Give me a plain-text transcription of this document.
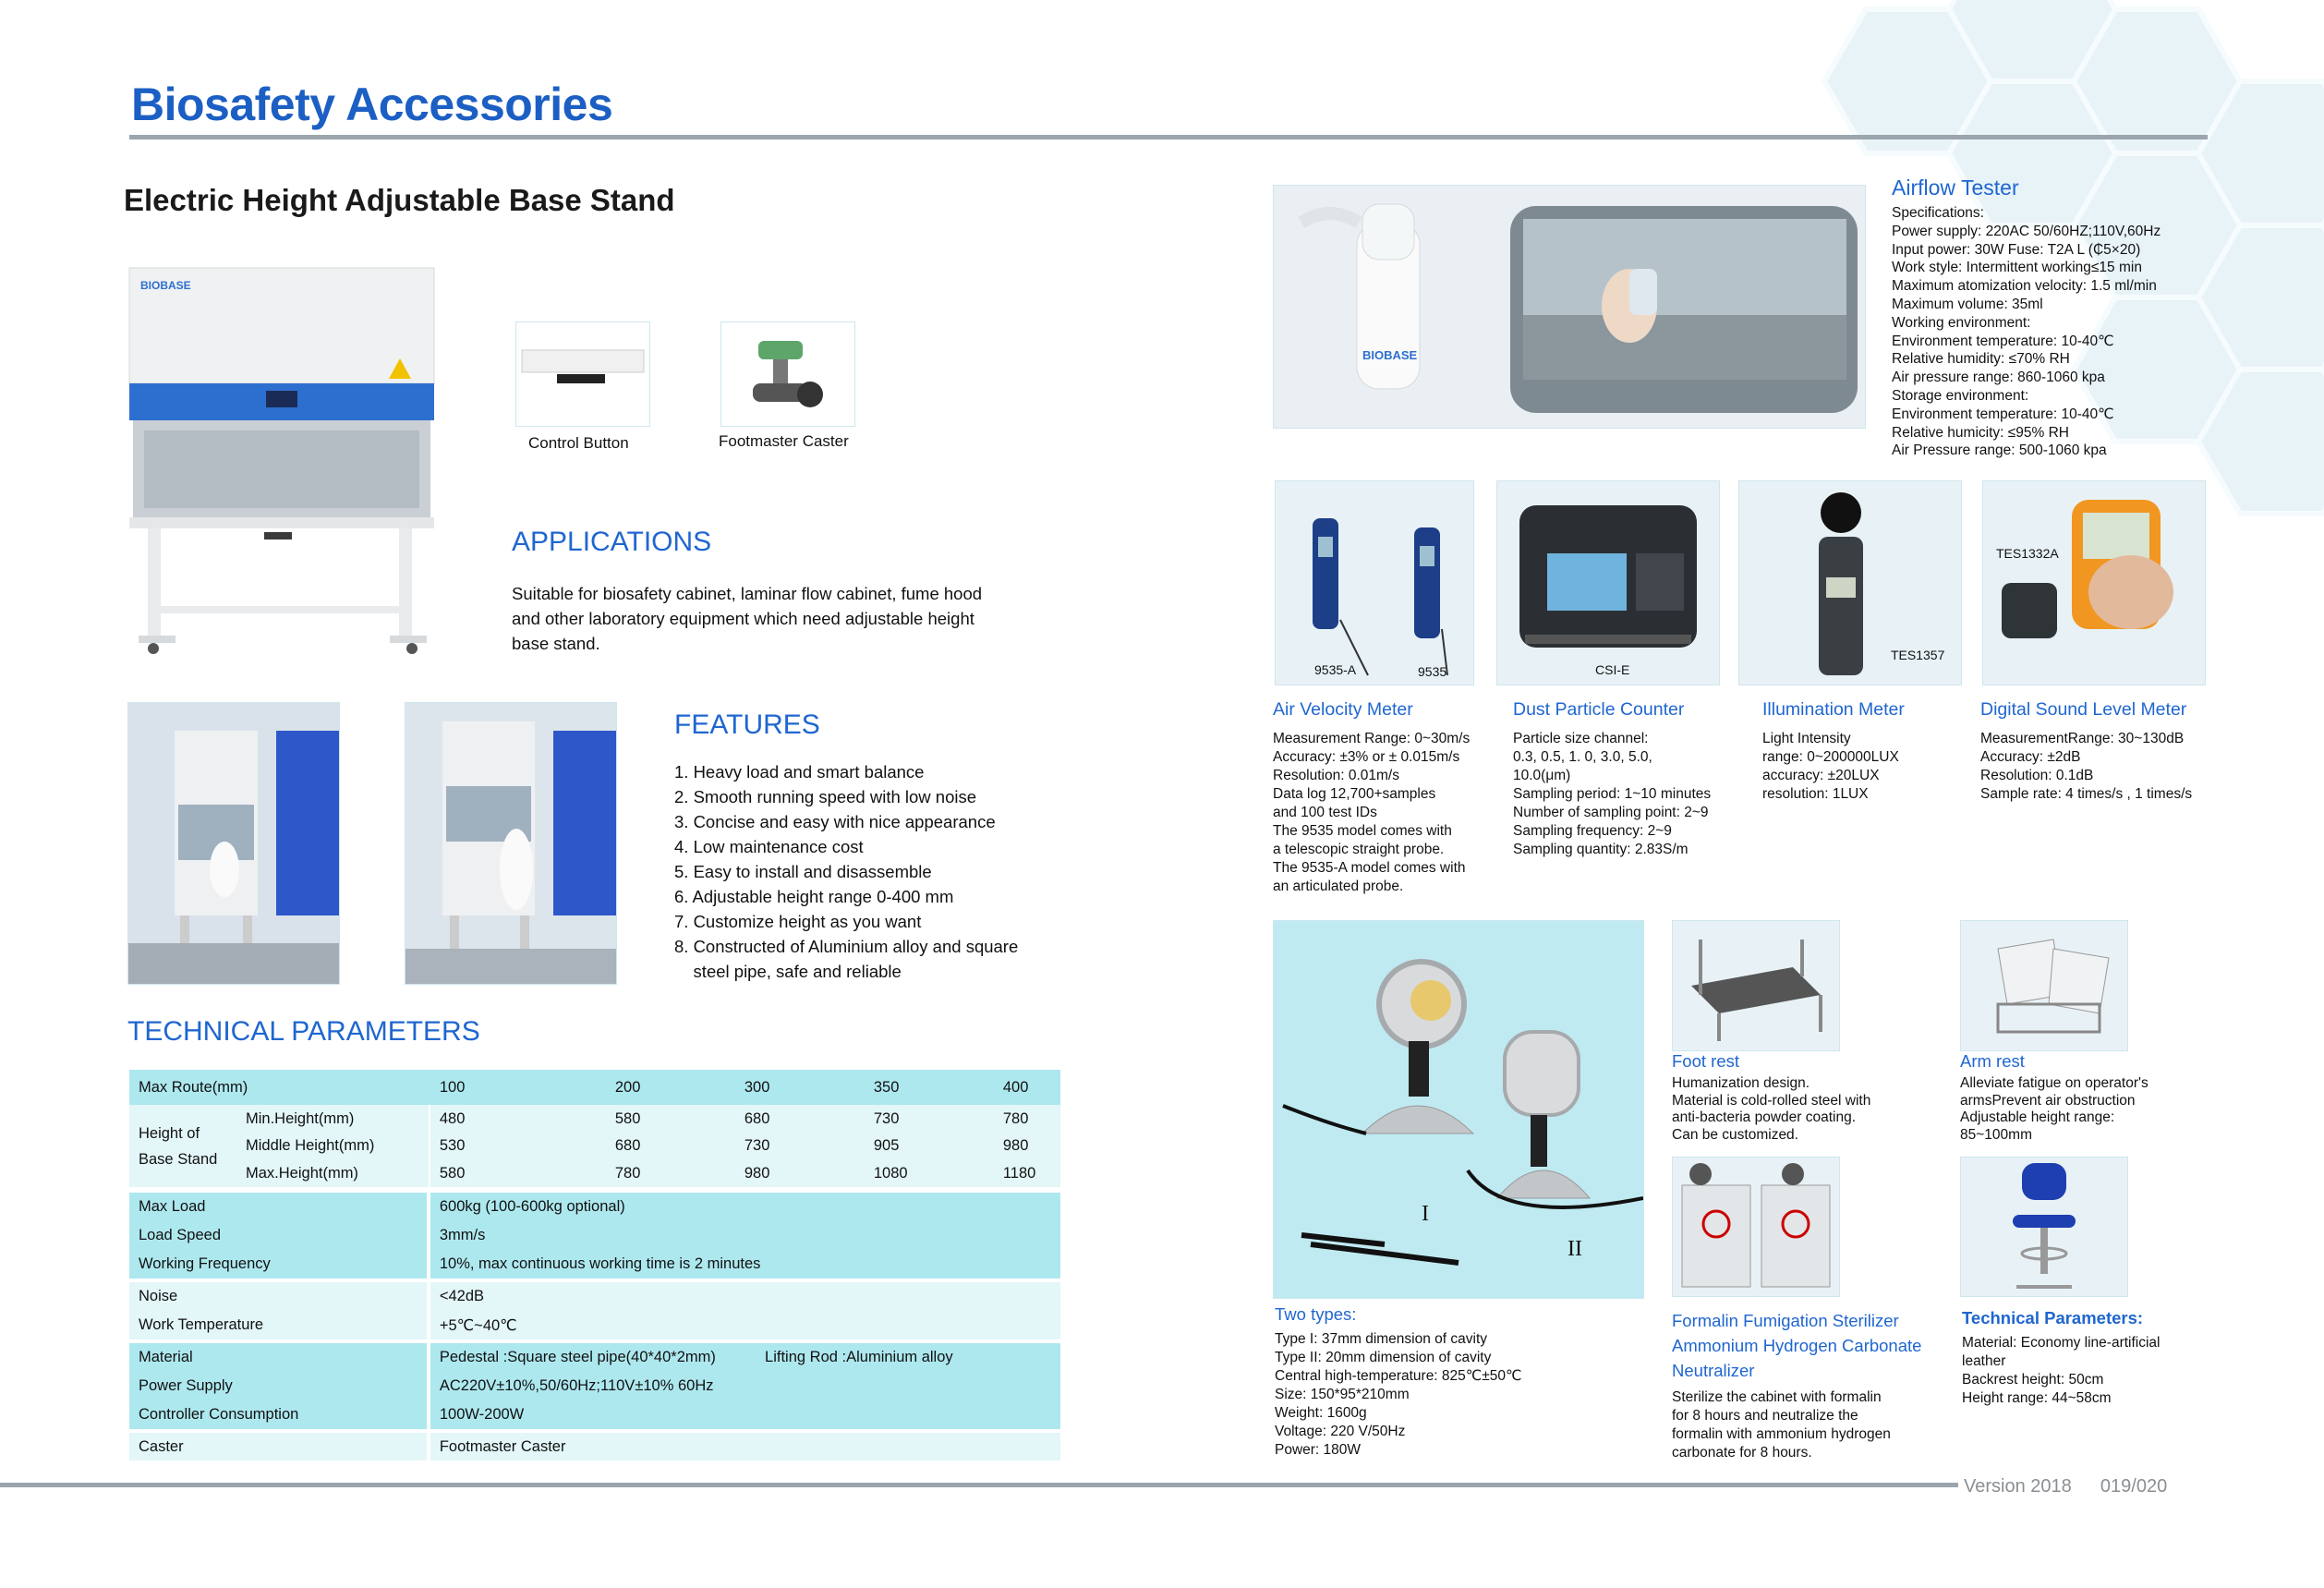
Biosafety Accessories
Electric Height Adjustable Base Stand
BIOBASE
Control Button	Footmaster Caster
APPLICATIONS
Suitable for biosafety cabinet, laminar flow cabinet, fume hood
and other laboratory equipment which need adjustable height
base stand.
FEATURES
1. Heavy load and smart balance
2. Smooth running speed with low noise
3. Concise and easy with nice appearance
4. Low maintenance cost
5. Easy to install and disassemble
6. Adjustable height range 0-400 mm
7. Customize height as you want
8. Constructed of Aluminium alloy and square
steel pipe, safe and reliable
TECHNICAL PARAMETERS
Max Route(mm)		100	200	300	350	400

Height of
Base Stand	Min.Height(mm)	480	580	680	730	780
	Middle Height(mm)	530	680	730	905	980
	Max.Height(mm)	580	780	980	1080	1180

Max Load		600kg (100-600kg optional)				
Load Speed		3mm/s				
Working Frequency		10%, max continuous working time is 2 minutes				

Noise		<42dB				
Work Temperature		+5℃~40℃				

Material		Pedestal :Square steel pipe(40*40*2mm) Lifting Rod :Aluminium alloy				
Power Supply		AC220V±10%,50/60Hz;110V±10% 60Hz				
Controller Consumption		100W-200W				

Caster		Footmaster Caster				
BIOBASE
Airflow Tester
Specifications:
Power supply: 220AC 50/60HZ;110V,60Hz
Input power: 30W Fuse: T2A L (₵5×20)
Work style: Intermittent working≤15 min
Maximum atomization velocity: 1.5 ml/min
Maximum volume: 35ml
Working environment:
Environment temperature: 10-40℃
Relative humidity: ≤70% RH
Air pressure range: 860-1060 kpa
Storage environment:
Environment temperature: 10-40℃
Relative humicity: ≤95% RH
Air Pressure range: 500-1060 kpa
9535-A	9535	CSI-E
TES1357
TES1332A
Air Velocity Meter
Measurement Range: 0~30m/s
Accuracy: ±3% or ± 0.015m/s
Resolution: 0.01m/s
Data log 12,700+samples
and 100 test IDs
The 9535 model comes with
a telescopic straight probe.
The 9535-A model comes with
an articulated probe.
Dust Particle Counter
Particle size channel:
0.3, 0.5, 1. 0, 3.0, 5.0,
10.0(μm)
Sampling period: 1~10 minutes
Number of sampling point: 2~9
Sampling frequency: 2~9
Sampling quantity: 2.83S/m
Illumination Meter
Light Intensity
range: 0~200000LUX
accuracy: ±20LUX
resolution: 1LUX
Digital Sound Level Meter
MeasurementRange: 30~130dB
Accuracy: ±2dB
Resolution: 0.1dB
Sample rate: 4 times/s , 1 times/s
I
II
Two types:
Type I: 37mm dimension of cavity
Type II: 20mm dimension of cavity
Central high-temperature: 825℃±50℃
Size: 150*95*210mm
Weight: 1600g
Voltage: 220 V/50Hz
Power: 180W
Foot rest
Humanization design.
Material is cold-rolled steel with
anti-bacteria powder coating.
Can be customized.
Arm rest
Alleviate fatigue on operator's
armsPrevent air obstruction
Adjustable height range:
85~100mm
Formalin Fumigation Sterilizer
Ammonium Hydrogen Carbonate
Neutralizer
Sterilize the cabinet with formalin
for 8 hours and neutralize the
formalin with ammonium hydrogen
carbonate for 8 hours.
Technical Parameters:
Material: Economy line-artificial
leather
Backrest height: 50cm
Height range: 44~58cm
Version 2018 019/020
